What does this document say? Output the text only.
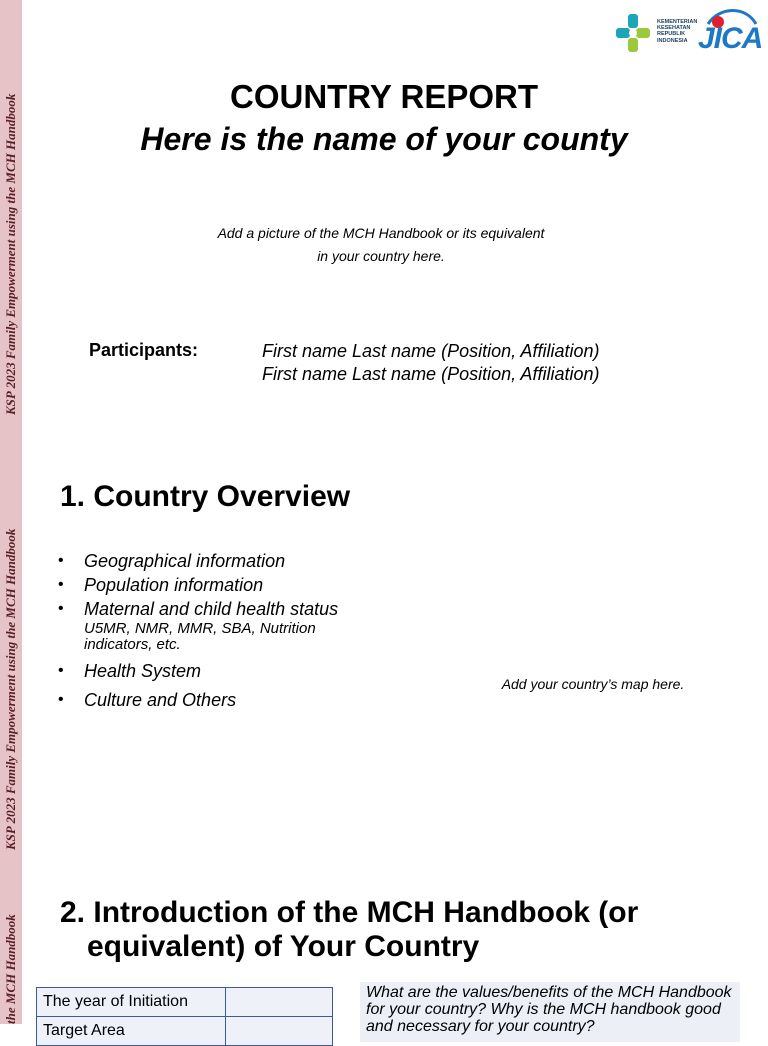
KSP 2023 Family Empowerment using the MCH Handbook
KSP 2023 Family Empowerment using the MCH Handbook
the MCH Handbook
KEMENTERIAN
KESEHATAN
REPUBLIK
INDONESIA JICA
COUNTRY REPORT
Here is the name of your county
Add a picture of the MCH Handbook or its equivalent
in your country here.
Participants:	First name Last name (Position, Affiliation)
First name Last name (Position, Affiliation)
1. Country Overview
• Geographical information
• Population information
• Maternal and child health status
U5MR, NMR, MMR, SBA, Nutrition
indicators, etc.
• Health System
• Culture and Others
Add your country’s map here.
2. Introduction of the MCH Handbook (or
equivalent) of Your Country
The year of Initiation	
Target Area	
What are the values/benefits of the MCH Handbook
for your country? Why is the MCH handbook good
and necessary for your country?
